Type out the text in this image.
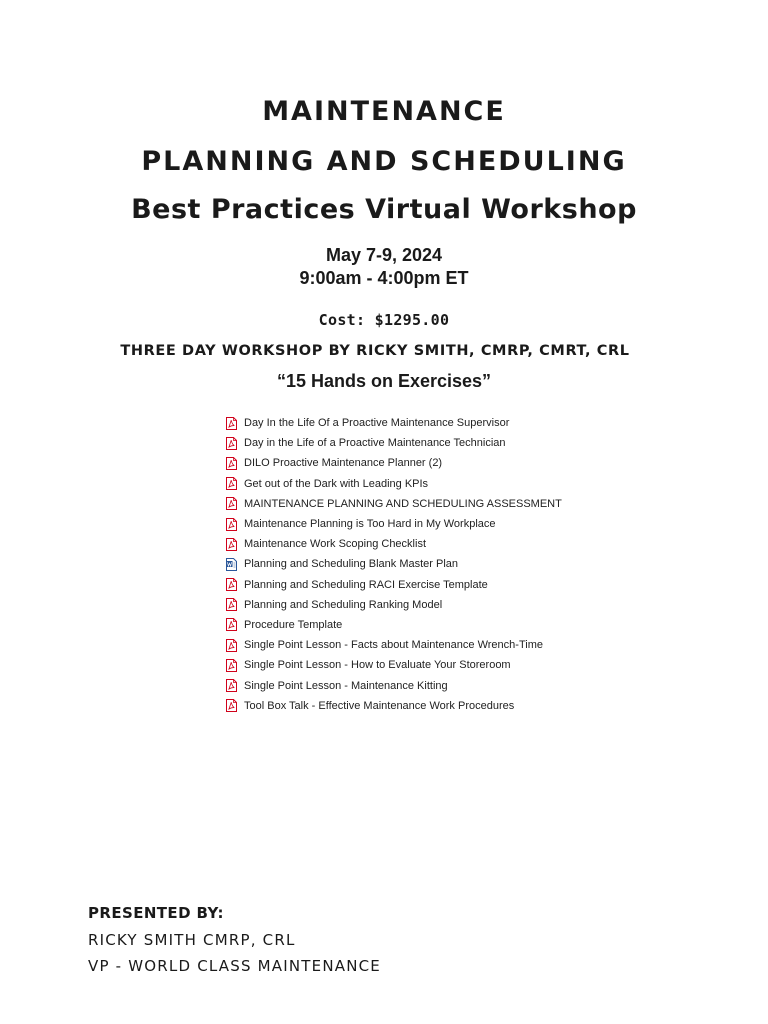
MAINTENANCE
PLANNING AND SCHEDULING
Best Practices Virtual Workshop
May 7-9, 2024
9:00am - 4:00pm ET
Cost: $1295.00
THREE DAY WORKSHOP BY RICKY SMITH, CMRP, CMRT, CRL
“15 Hands on Exercises”
Day In the Life Of a Proactive Maintenance Supervisor
Day in the Life of a Proactive Maintenance Technician
DILO Proactive Maintenance Planner (2)
Get out of the Dark with Leading KPIs
MAINTENANCE PLANNING AND SCHEDULING ASSESSMENT
Maintenance Planning is Too Hard in My Workplace
Maintenance Work Scoping Checklist
Planning and Scheduling Blank Master Plan
Planning and Scheduling RACI Exercise Template
Planning and Scheduling Ranking Model
Procedure Template
Single Point Lesson - Facts about Maintenance Wrench-Time
Single Point Lesson - How to Evaluate Your Storeroom
Single Point Lesson - Maintenance Kitting
Tool Box Talk - Effective Maintenance Work Procedures
PRESENTED BY:
RICKY SMITH CMRP, CRL
VP - WORLD CLASS MAINTENANCE
